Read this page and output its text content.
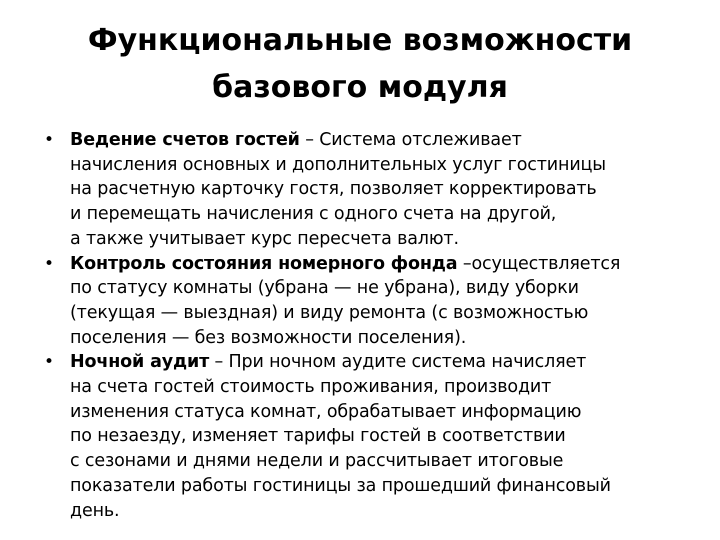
Функциональные возможности
базового модуля
• Ведение счетов гостей – Система отслеживает
начисления основных и дополнительных услуг гостиницы
на расчетную карточку гостя, позволяет корректировать
и перемещать начисления с одного счета на другой,
а также учитывает курс пересчета валют.
• Контроль состояния номерного фонда –осуществляется
по статусу комнаты (убрана — не убрана), виду уборки
(текущая — выездная) и виду ремонта (с возможностью
поселения — без возможности поселения).
• Ночной аудит – При ночном аудите система начисляет
на счета гостей стоимость проживания, производит
изменения статуса комнат, обрабатывает информацию
по незаезду, изменяет тарифы гостей в соответствии
с сезонами и днями недели и рассчитывает итоговые
показатели работы гостиницы за прошедший финансовый
день.
